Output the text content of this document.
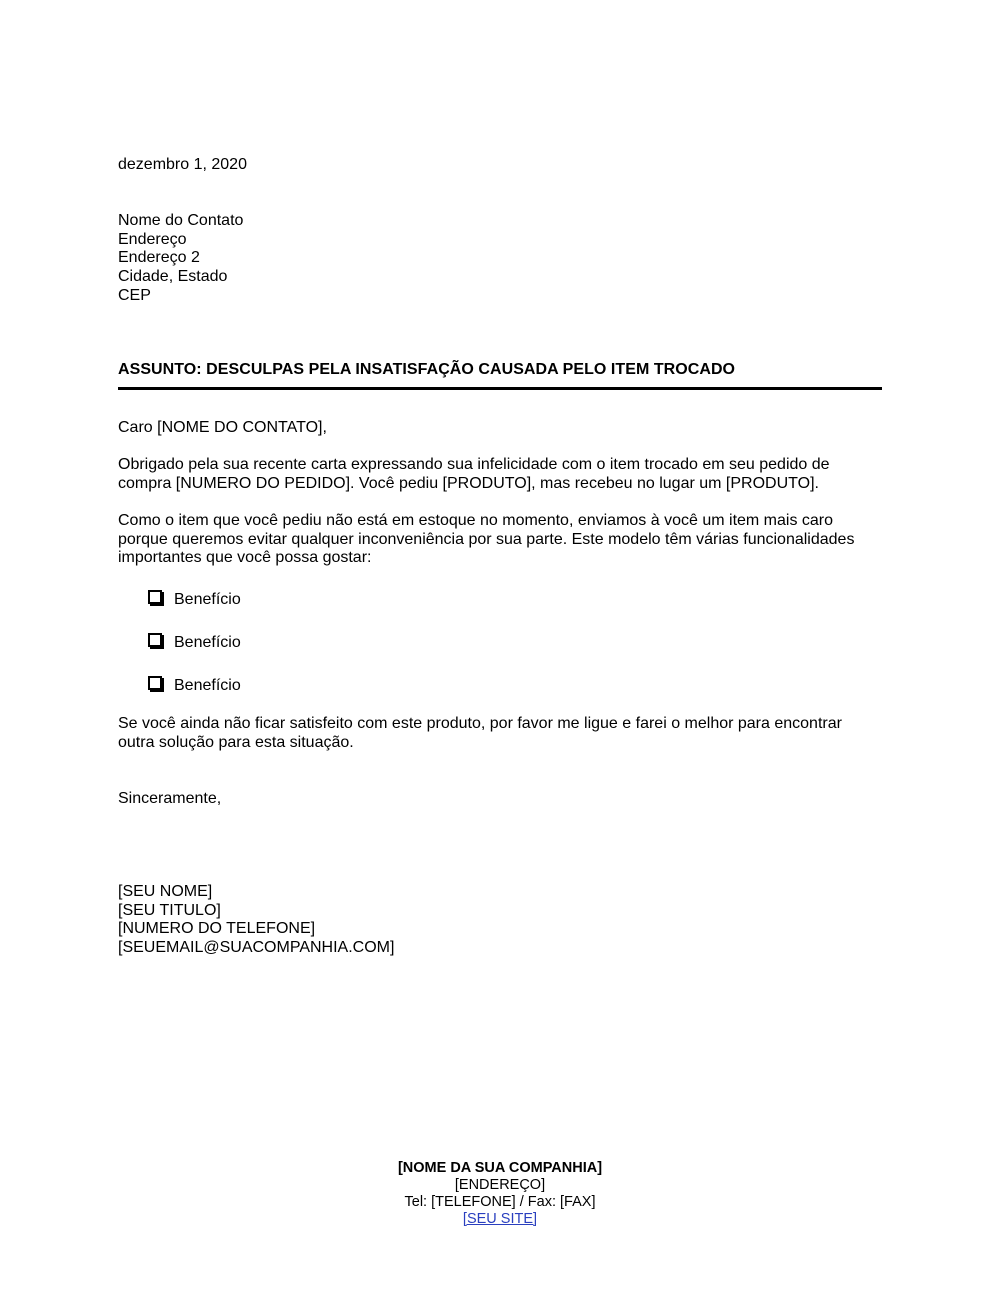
dezembro 1, 2020
Nome do Contato
Endereço
Endereço 2
Cidade, Estado
CEP
ASSUNTO: DESCULPAS PELA INSATISFAÇÃO CAUSADA PELO ITEM TROCADO
Caro [NOME DO CONTATO],
Obrigado pela sua recente carta expressando sua infelicidade com o item trocado em seu pedido de
compra [NUMERO DO PEDIDO]. Você pediu [PRODUTO], mas recebeu no lugar um [PRODUTO].
Como o item que você pediu não está em estoque no momento, enviamos à você um item mais caro
porque queremos evitar qualquer inconveniência por sua parte. Este modelo têm várias funcionalidades
importantes que você possa gostar:
Benefício
Benefício
Benefício
Se você ainda não ficar satisfeito com este produto, por favor me ligue e farei o melhor para encontrar
outra solução para esta situação.
Sinceramente,
[SEU NOME]
[SEU TITULO]
[NUMERO DO TELEFONE]
[SEUEMAIL@SUACOMPANHIA.COM]
[NOME DA SUA COMPANHIA]
[ENDEREÇO]
Tel: [TELEFONE] / Fax: [FAX]
[SEU SITE]
